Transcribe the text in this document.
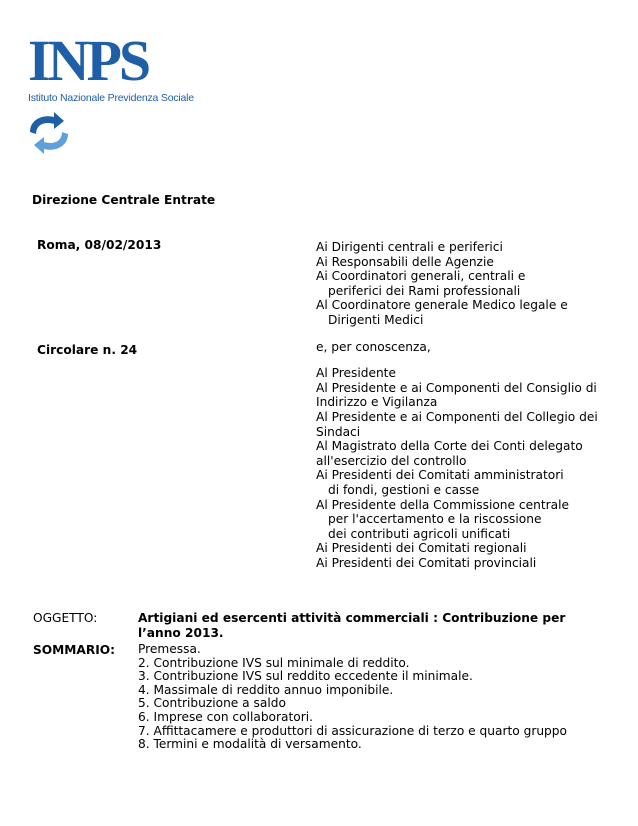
INPS
Istituto Nazionale Previdenza Sociale
Direzione Centrale Entrate
Roma, 08/02/2013
Circolare n. 24
Ai Dirigenti centrali e periferici
Ai Responsabili delle Agenzie
Ai Coordinatori generali, centrali e
periferici dei Rami professionali
Al Coordinatore generale Medico legale e
Dirigenti Medici
e, per conoscenza,
Al Presidente
Al Presidente e ai Componenti del Consiglio di
Indirizzo e Vigilanza
Al Presidente e ai Componenti del Collegio dei
Sindaci
Al Magistrato della Corte dei Conti delegato
all'esercizio del controllo
Ai Presidenti dei Comitati amministratori
di fondi, gestioni e casse
Al Presidente della Commissione centrale
per l'accertamento e la riscossione
dei contributi agricoli unificati
Ai Presidenti dei Comitati regionali
Ai Presidenti dei Comitati provinciali
OGGETTO:	Artigiani ed esercenti attività commerciali : Contribuzione per l’anno 2013.
SOMMARIO: Premessa.
2. Contribuzione IVS sul minimale di reddito.
3. Contribuzione IVS sul reddito eccedente il minimale.
4. Massimale di reddito annuo imponibile.
5. Contribuzione a saldo
6. Imprese con collaboratori.
7. Affittacamere e produttori di assicurazione di terzo e quarto gruppo
8. Termini e modalità di versamento.
